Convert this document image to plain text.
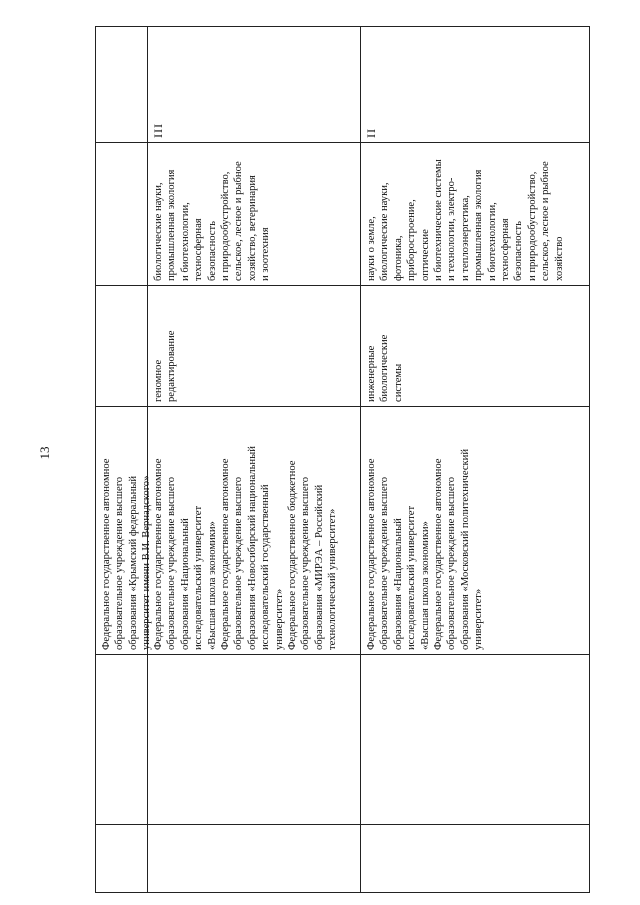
13
Федеральное государственное автономное образовательное учреждение высшего образования «Крымский федеральный университет имени В.И. Вернадского» Федеральное государственное автономное образовательное учреждение высшего образования «Национальный исследовательский университет «Высшая школа экономики» Федеральное государственное автономное образовательное учреждение высшего образования «Новосибирский национальный исследовательский государственный университет» Федеральное государственное бюджетное образовательное учреждение высшего образования «МИРЭА – Российский технологический университет»
геномное редактирование
биологические науки, промышленная экология и биотехнологии, техносферная безопасность и природообустройство, сельское, лесное и рыбное хозяйство, ветеринария и зоотехния
III
Федеральное государственное автономное образовательное учреждение высшего образования «Национальный исследовательский университет «Высшая школа экономики» Федеральное государственное автономное образовательное учреждение высшего образования «Московский политехнический университет»
инженерные биологические системы
науки о земле, биологические науки, фотоника, приборостроение, оптические и биотехнические системы и технологии, электро- и теплоэнергетика, промышленная экология и биотехнологии, техносферная безопасность и природообустройство, сельское, лесное и рыбное хозяйство
II
